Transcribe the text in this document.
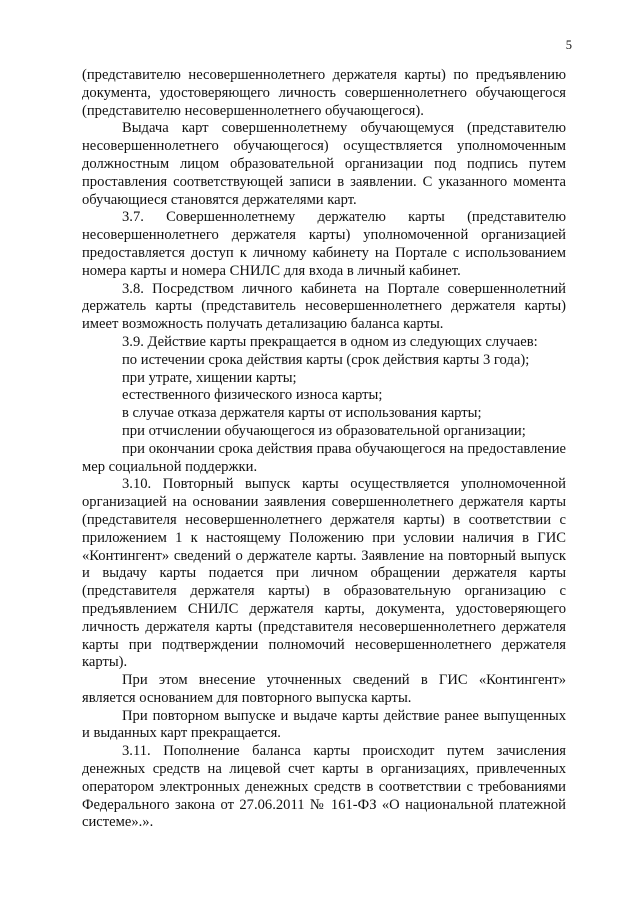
5

(представителю несовершеннолетнего держателя карты) по предъявлению документа, удостоверяющего личность совершеннолетнего обучающегося (представителю несовершеннолетнего обучающегося).

Выдача карт совершеннолетнему обучающемуся (представителю несовершеннолетнего обучающегося) осуществляется уполномоченным должностным лицом образовательной организации под подпись путем проставления соответствующей записи в заявлении. С указанного момента обучающиеся становятся держателями карт.

3.7. Совершеннолетнему держателю карты (представителю несовершеннолетнего держателя карты) уполномоченной организацией предоставляется доступ к личному кабинету на Портале с использованием номера карты и номера СНИЛС для входа в личный кабинет.

3.8. Посредством личного кабинета на Портале совершеннолетний держатель карты (представитель несовершеннолетнего держателя карты) имеет возможность получать детализацию баланса карты.

3.9. Действие карты прекращается в одном из следующих случаев:

по истечении срока действия карты (срок действия карты 3 года);

при утрате, хищении карты;

естественного физического износа карты;

в случае отказа держателя карты от использования карты;

при отчислении обучающегося из образовательной организации;

при окончании срока действия права обучающегося на предоставление мер социальной поддержки.

3.10. Повторный выпуск карты осуществляется уполномоченной организацией на основании заявления совершеннолетнего держателя карты (представителя несовершеннолетнего держателя карты) в соответствии с приложением 1 к настоящему Положению при условии наличия в ГИС «Контингент» сведений о держателе карты. Заявление на повторный выпуск и выдачу карты подается при личном обращении держателя карты (представителя держателя карты) в образовательную организацию с предъявлением СНИЛС держателя карты, документа, удостоверяющего личность держателя карты (представителя несовершеннолетнего держателя карты при подтверждении полномочий несовершеннолетнего держателя карты).

При этом внесение уточненных сведений в ГИС «Контингент» является основанием для повторного выпуска карты.

При повторном выпуске и выдаче карты действие ранее выпущенных и выданных карт прекращается.

3.11. Пополнение баланса карты происходит путем зачисления денежных средств на лицевой счет карты в организациях, привлеченных оператором электронных денежных средств в соответствии с требованиями Федерального закона от 27.06.2011 № 161-ФЗ «О национальной платежной системе».».
